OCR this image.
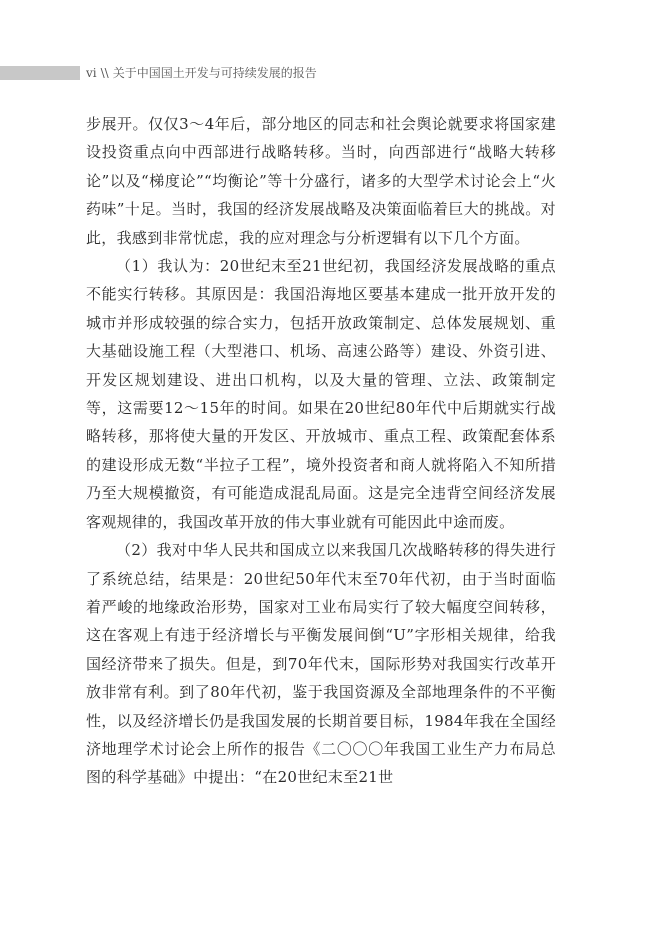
vi \\ 关于中国国土开发与可持续发展的报告

步展开。仅仅3～4年后，部分地区的同志和社会舆论就要求将国家建设投资重点向中西部进行战略转移。当时，向西部进行“战略大转移论”以及“梯度论”“均衡论”等十分盛行，诸多的大型学术讨论会上“火药味”十足。当时，我国的经济发展战略及决策面临着巨大的挑战。对此，我感到非常忧虑，我的应对理念与分析逻辑有以下几个方面。

（1）我认为：20世纪末至21世纪初，我国经济发展战略的重点不能实行转移。其原因是：我国沿海地区要基本建成一批开放开发的城市并形成较强的综合实力，包括开放政策制定、总体发展规划、重大基础设施工程（大型港口、机场、高速公路等）建设、外资引进、开发区规划建设、进出口机构，以及大量的管理、立法、政策制定等，这需要12～15年的时间。如果在20世纪80年代中后期就实行战略转移，那将使大量的开发区、开放城市、重点工程、政策配套体系的建设形成无数“半拉子工程”，境外投资者和商人就将陷入不知所措乃至大规模撤资，有可能造成混乱局面。这是完全违背空间经济发展客观规律的，我国改革开放的伟大事业就有可能因此中途而废。

（2）我对中华人民共和国成立以来我国几次战略转移的得失进行了系统总结，结果是：20世纪50年代末至70年代初，由于当时面临着严峻的地缘政治形势，国家对工业布局实行了较大幅度空间转移，这在客观上有违于经济增长与平衡发展间倒“U”字形相关规律，给我国经济带来了损失。但是，到70年代末，国际形势对我国实行改革开放非常有利。到了80年代初，鉴于我国资源及全部地理条件的不平衡性，以及经济增长仍是我国发展的长期首要目标，1984年我在全国经济地理学术讨论会上所作的报告《二〇〇〇年我国工业生产力布局总图的科学基础》中提出：“在20世纪末至21世
